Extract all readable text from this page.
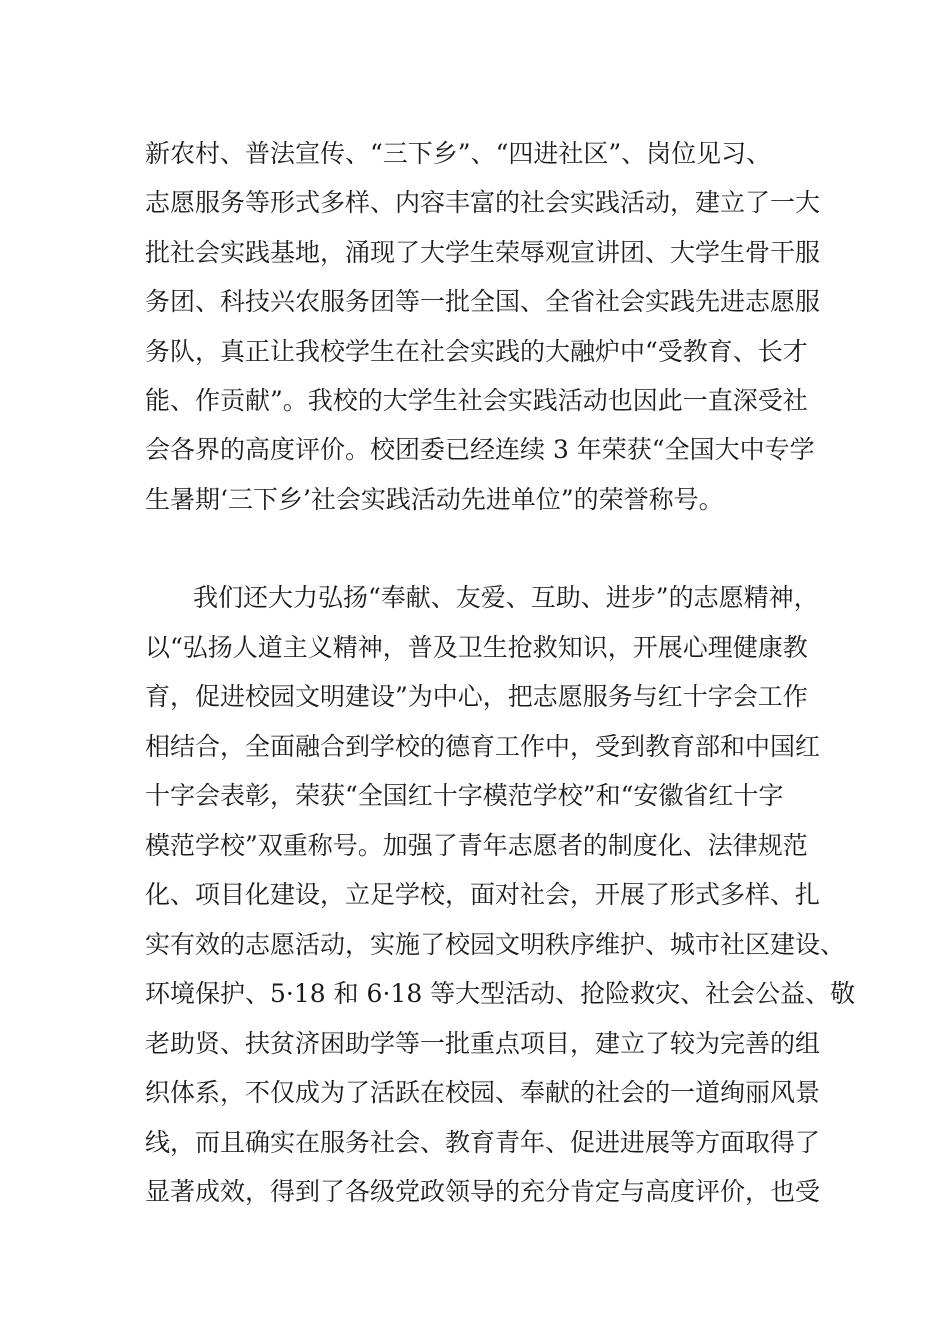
新农村、普法宣传、“三下乡”、“四进社区”、岗位见习、
志愿服务等形式多样、内容丰富的社会实践活动，建立了一大
批社会实践基地，涌现了大学生荣辱观宣讲团、大学生骨干服
务团、科技兴农服务团等一批全国、全省社会实践先进志愿服
务队，真正让我校学生在社会实践的大融炉中“受教育、长才
能、作贡献”。我校的大学生社会实践活动也因此一直深受社
会各界的高度评价。校团委已经连续 3 年荣获“全国大中专学
生暑期‘三下乡’社会实践活动先进单位”的荣誉称号。
我们还大力弘扬“奉献、友爱、互助、进步”的志愿精神，
以“弘扬人道主义精神，普及卫生抢救知识，开展心理健康教
育，促进校园文明建设”为中心，把志愿服务与红十字会工作
相结合，全面融合到学校的德育工作中，受到教育部和中国红
十字会表彰，荣获“全国红十字模范学校”和“安徽省红十字
模范学校”双重称号。加强了青年志愿者的制度化、法律规范
化、项目化建设，立足学校，面对社会，开展了形式多样、扎
实有效的志愿活动，实施了校园文明秩序维护、城市社区建设、
环境保护、5·18 和 6·18 等大型活动、抢险救灾、社会公益、敬
老助贤、扶贫济困助学等一批重点项目，建立了较为完善的组
织体系，不仅成为了活跃在校园、奉献的社会的一道绚丽风景
线，而且确实在服务社会、教育青年、促进进展等方面取得了
显著成效，得到了各级党政领导的充分肯定与高度评价，也受
